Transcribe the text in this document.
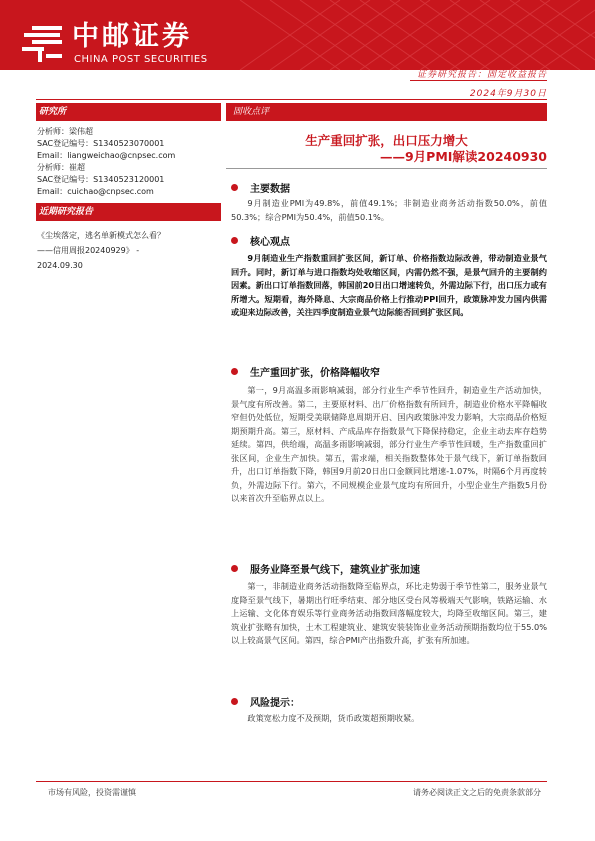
中邮证券
CHINA POST SECURITIES
证券研究报告：固定收益报告
2024年9月30日
研究所
分析师：梁伟超
SAC登记编号：S1340523070001
Email：liangweichao@cnpsec.com
分析师：崔超
SAC登记编号：S1340523120001
Email：cuichao@cnpsec.com
近期研究报告
《尘埃落定，逃名单新模式怎么看？
——信用周报20240929》 -
2024.09.30
固收点评
生产重回扩张，出口压力增大
——9月PMI解读20240930
主要数据
9月制造业PMI为49.8%，前值49.1%；非制造业商务活动指数50.0%，前值50.3%；综合PMI为50.4%，前值50.1%。
核心观点
9月制造业生产指数重回扩张区间，新订单、价格指数边际改善，带动制造业景气回升。同时，新订单与进口指数均处收缩区间，内需仍然不强，是景气回升的主要制约因素。新出口订单指数回落，韩国前20日出口增速转负，外需边际下行，出口压力或有所增大。短期看，海外降息、大宗商品价格上行推动PPI回升，政策脉冲发力国内供需或迎来边际改善，关注四季度制造业景气边际能否回到扩张区间。
生产重回扩张，价格降幅收窄
第一，9月高温多雨影响减弱，部分行业生产季节性回升，制造业生产活动加快，景气度有所改善。第二，主要原材料、出厂价格指数有所回升，制造业价格水平降幅收窄但仍处低位，短期受美联储降息周期开启、国内政策脉冲发力影响，大宗商品价格短期预期升高。第三，原材料、产成品库存指数景气下降保持稳定，企业主动去库存趋势延续。第四，供给端，高温多雨影响减弱，部分行业生产季节性回暖，生产指数重回扩张区间，企业生产加快。第五，需求端，相关指数整体处于景气线下，新订单指数回升，出口订单指数下降，韩国9月前20日出口金额同比增速-1.07%，时隔6个月再度转负，外需边际下行。第六，不同规模企业景气度均有所回升，小型企业生产指数5月份以来首次升至临界点以上。
服务业降至景气线下，建筑业扩张加速
第一，非制造业商务活动指数降至临界点，环比走势弱于季节性第二，服务业景气度降至景气线下，暑期出行旺季结束、部分地区受台风等极端天气影响，铁路运输、水上运输、文化体育娱乐等行业商务活动指数回落幅度较大，均降至收缩区间。第三，建筑业扩张略有加快，土木工程建筑业、建筑安装装饰业业务活动预期指数均位于55.0%以上较高景气区间。第四，综合PMI产出指数升高，扩张有所加速。
风险提示：
政策宽松力度不及预期，货币政策超预期收紧。
市场有风险，投资需谨慎	请务必阅读正文之后的免责条款部分
